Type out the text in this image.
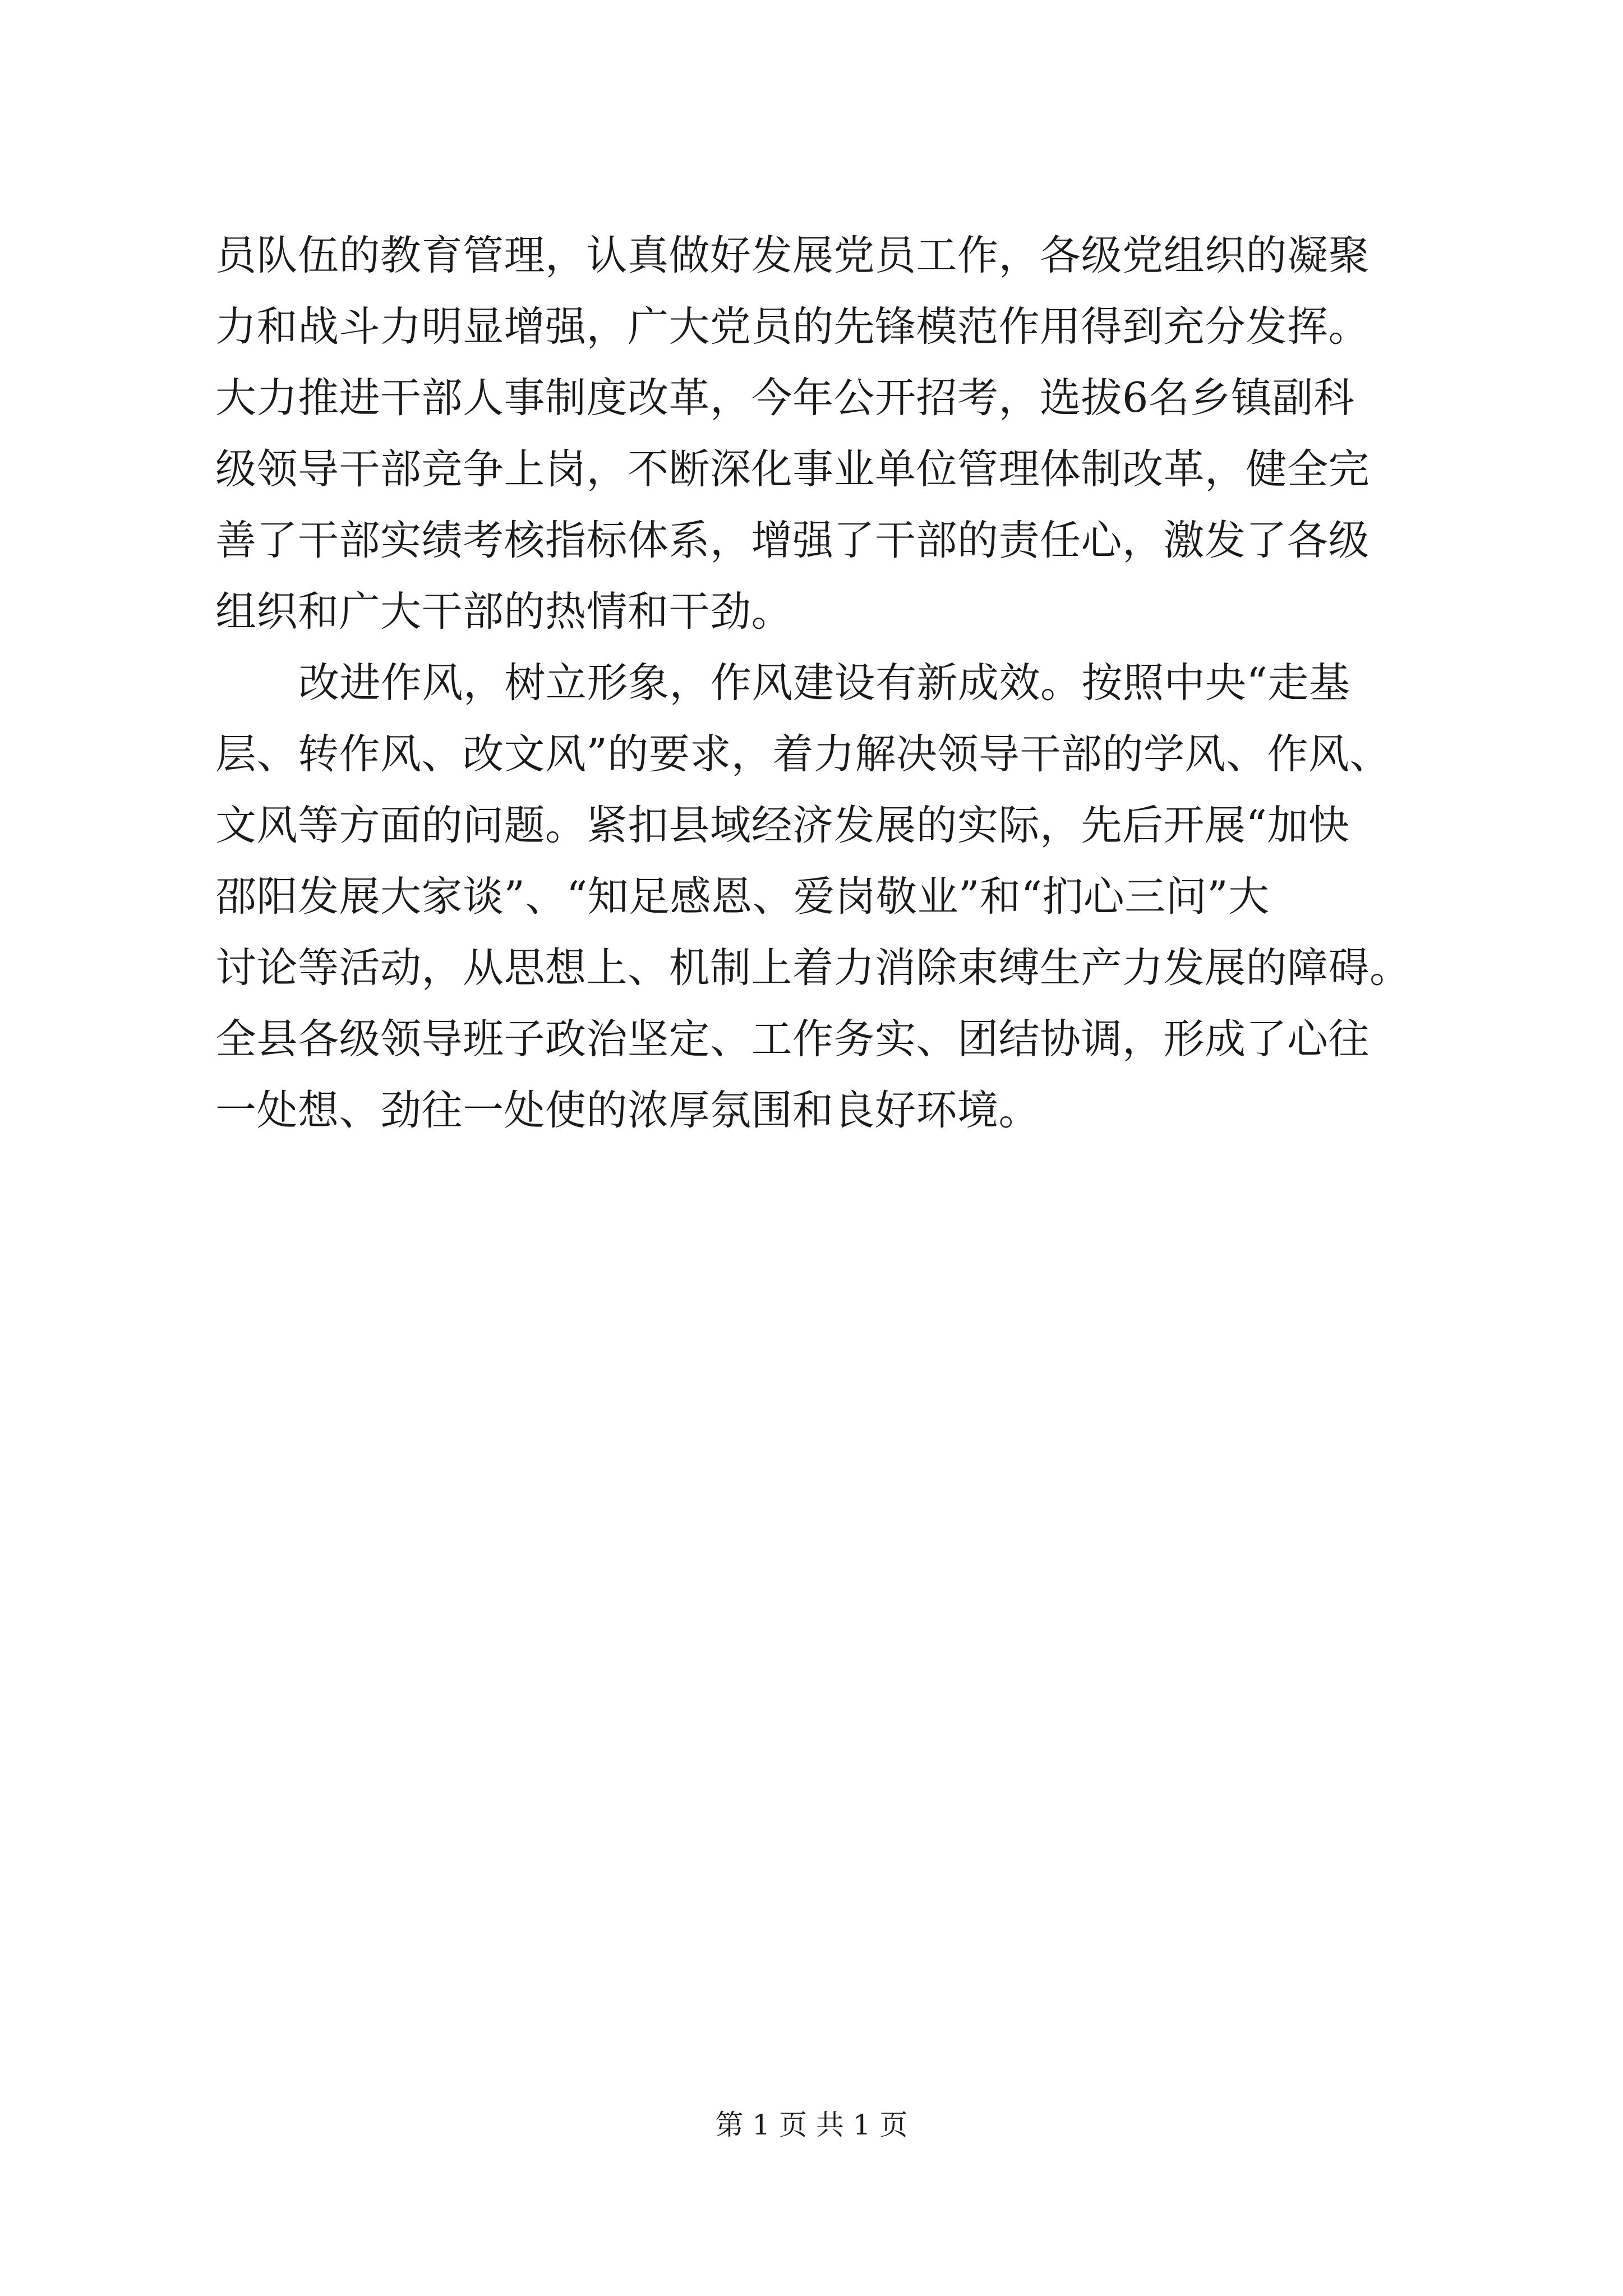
员队伍的教育管理，认真做好发展党员工作，各级党组织的凝聚
力和战斗力明显增强，广大党员的先锋模范作用得到充分发挥。
大力推进干部人事制度改革，今年公开招考，选拔6名乡镇副科
级领导干部竞争上岗，不断深化事业单位管理体制改革，健全完
善了干部实绩考核指标体系，增强了干部的责任心，激发了各级
组织和广大干部的热情和干劲。
改进作风，树立形象，作风建设有新成效。按照中央“走基
层、转作风、改文风”的要求，着力解决领导干部的学风、作风、
文风等方面的问题。紧扣县域经济发展的实际，先后开展“加快
邵阳发展大家谈”、“知足感恩、爱岗敬业”和“扪心三问”大
讨论等活动，从思想上、机制上着力消除束缚生产力发展的障碍。
全县各级领导班子政治坚定、工作务实、团结协调，形成了心往
一处想、劲往一处使的浓厚氛围和良好环境。
第 1 页 共 1 页
